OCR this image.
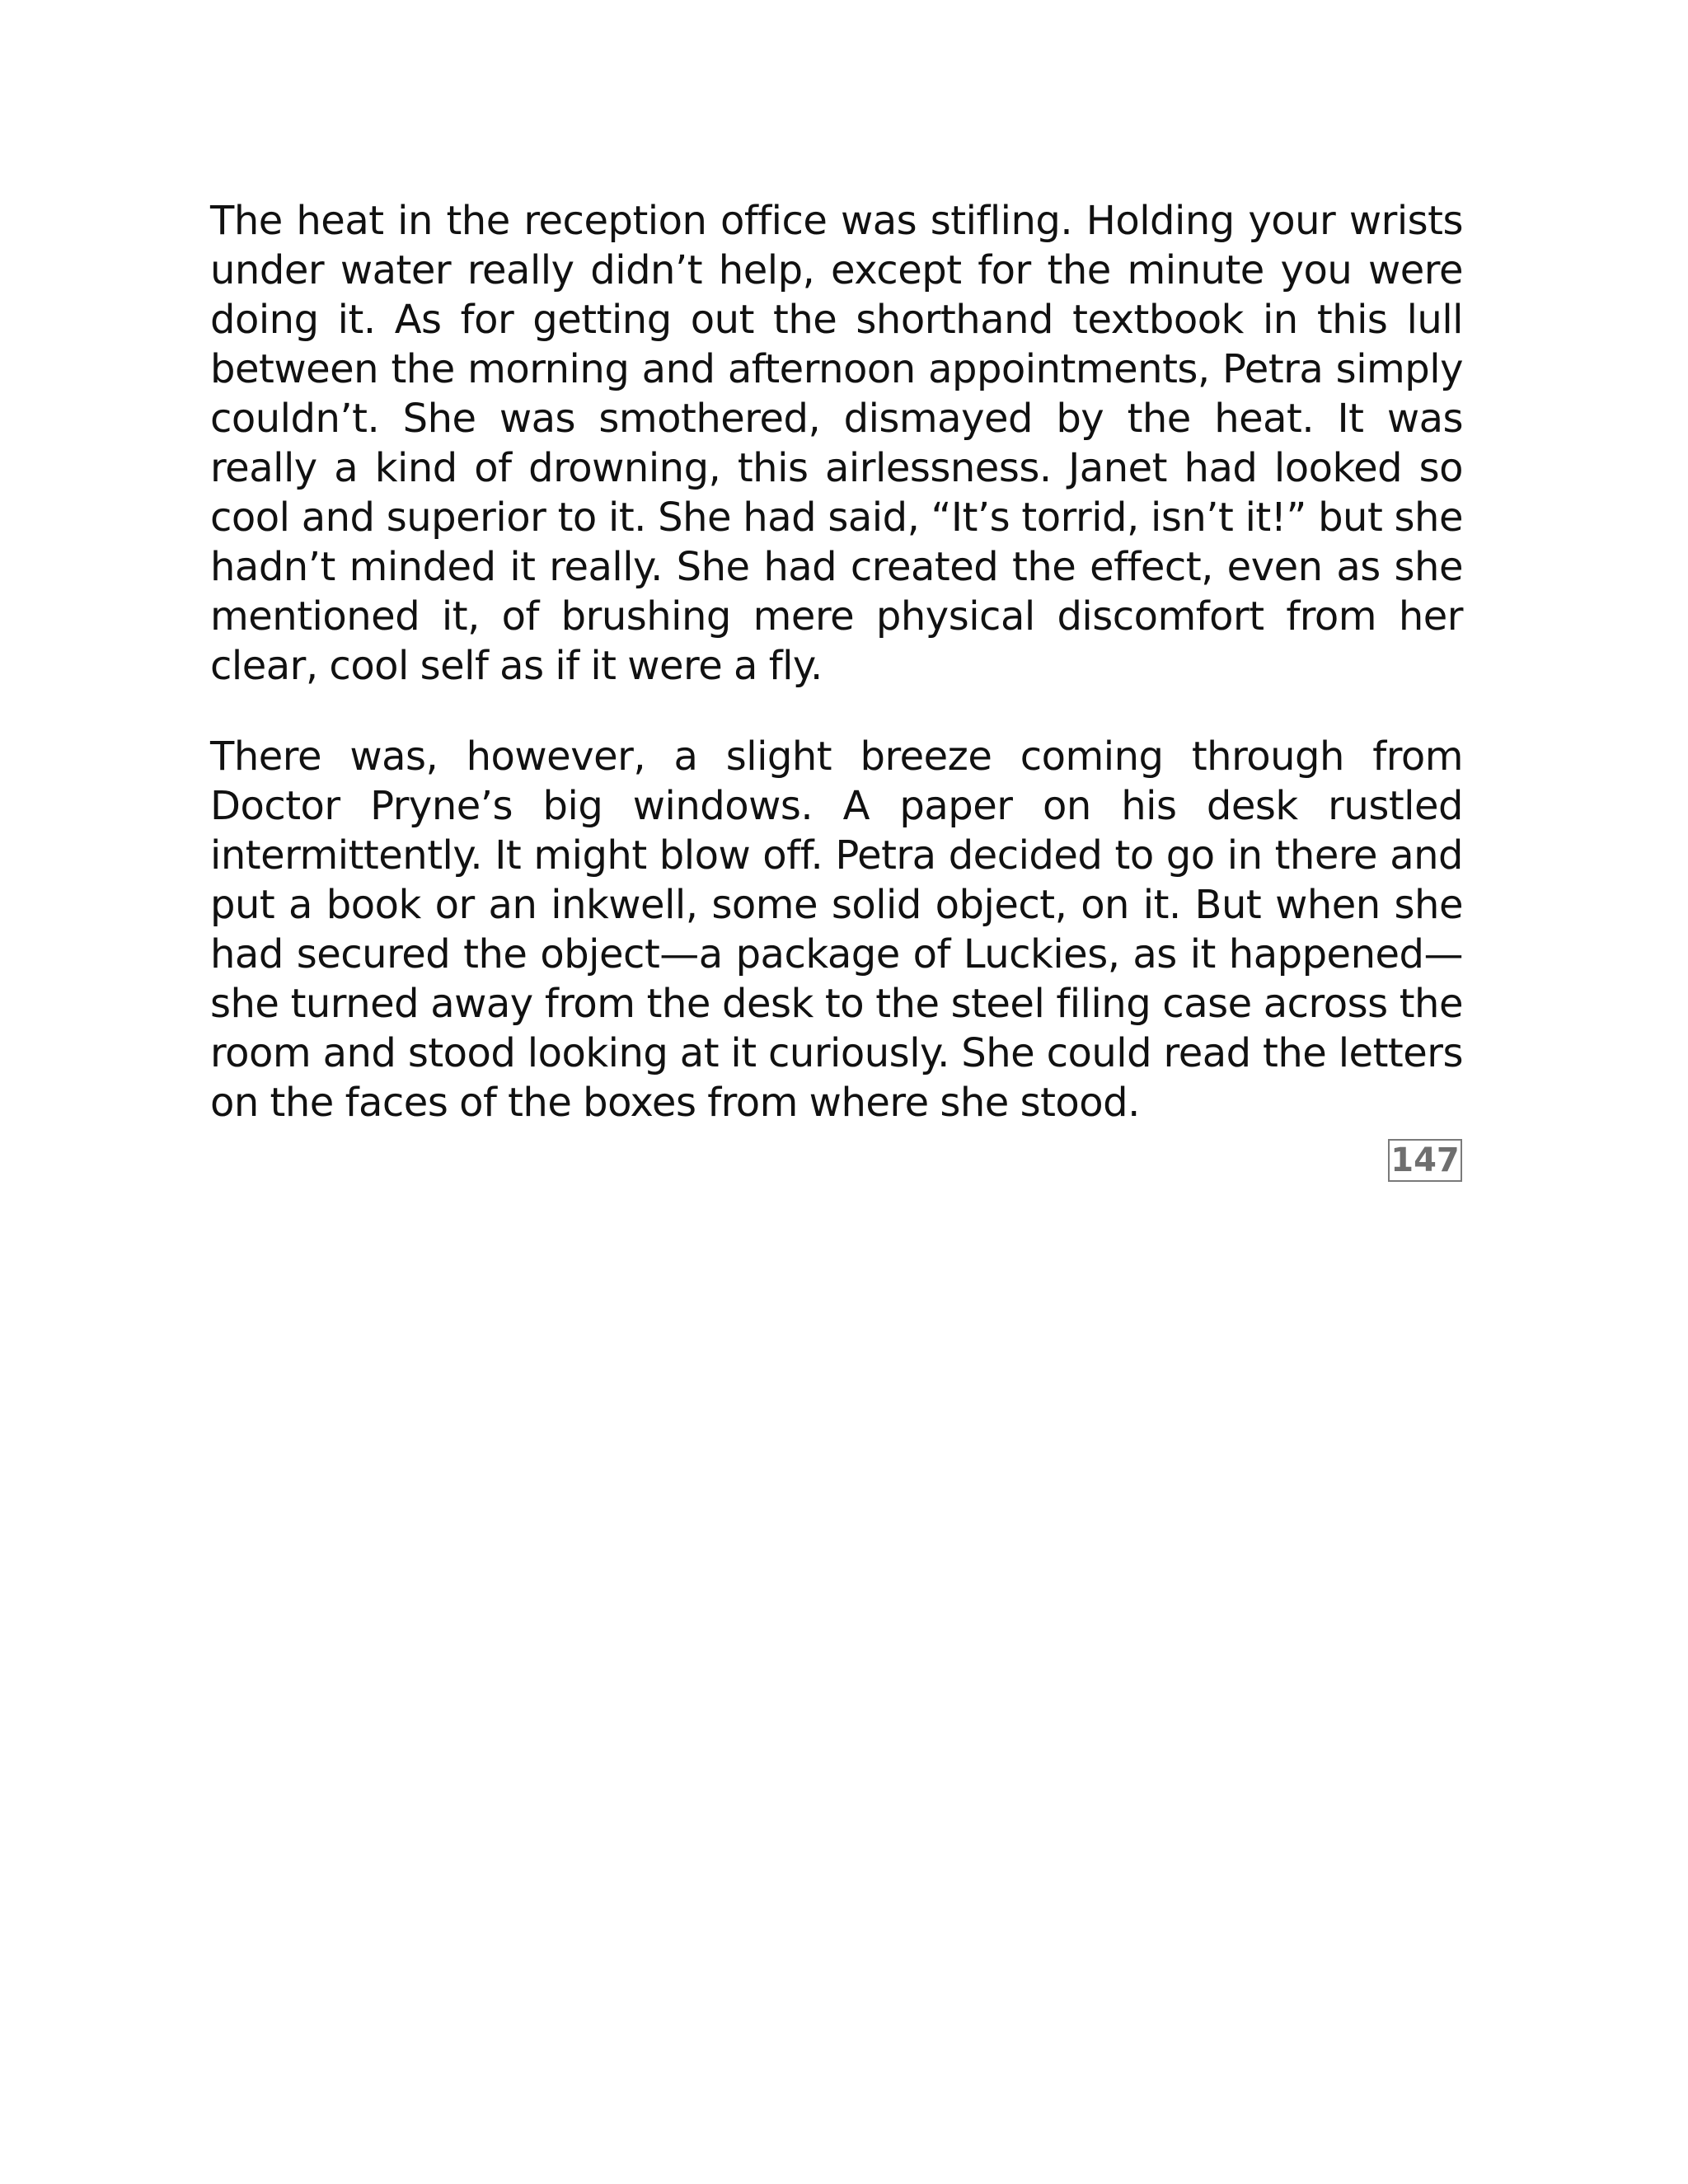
The heat in the reception office was stifling. Holding your wrists under water really didn’t help, except for the minute you were doing it. As for getting out the shorthand textbook in this lull between the morning and afternoon appointments, Petra simply couldn’t. She was smothered, dismayed by the heat. It was really a kind of drowning, this airlessness. Janet had looked so cool and superior to it. She had said, “It’s torrid, isn’t it!” but she hadn’t minded it really. She had created the effect, even as she mentioned it, of brushing mere physical discomfort from her clear, cool self as if it were a fly.

There was, however, a slight breeze coming through from Doctor Pryne’s big windows. A paper on his desk rustled intermittently. It might blow off. Petra decided to go in there and put a book or an inkwell, some solid object, on it. But when she had secured the object—a package of Luckies, as it happened—she turned away from the desk to the steel filing case across the room and stood looking at it curiously. She could read the letters on the faces of the boxes from where she stood.

147
